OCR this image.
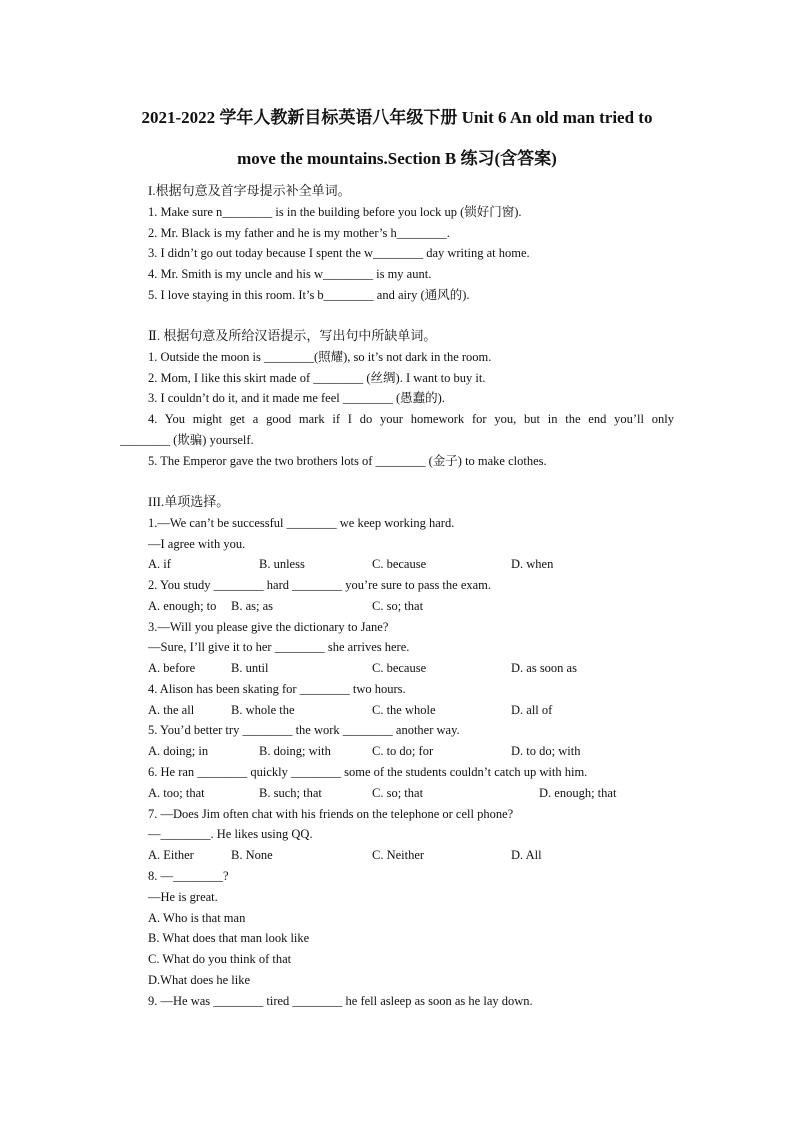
2021-2022 学年人教新目标英语八年级下册 Unit 6 An old man tried to
move the mountains.Section B 练习(含答案)
I.根据句意及首字母提示补全单词。
1. Make sure n________ is in the building before you lock up (锁好门窗).
2. Mr. Black is my father and he is my mother’s h________.
3. I didn’t go out today because I spent the w________ day writing at home.
4. Mr. Smith is my uncle and his w________ is my aunt.
5. I love staying in this room. It’s b________ and airy (通风的).
Ⅱ. 根据句意及所给汉语提示，写出句中所缺单词。
1. Outside the moon is ________(照耀), so it’s not dark in the room.
2. Mom, I like this skirt made of ________ (丝绸). I want to buy it.
3. I couldn’t do it, and it made me feel ________ (愚蠢的).
4. You might get a good mark if I do your homework for you, but in the end you’ll only
________ (欺骗) yourself.
5. The Emperor gave the two brothers lots of ________ (金子) to make clothes.
III.单项选择。
1.—We can’t be successful ________ we keep working hard.
—I agree with you.
A. if	B. unless	C. because	D. when
2. You study ________ hard ________ you’re sure to pass the exam.
A. enough; to B. as; as	C. so; that
3.—Will you please give the dictionary to Jane?
—Sure, I’ll give it to her ________ she arrives here.
A. before	B. until	C. because	D. as soon as
4. Alison has been skating for ________ two hours.
A. the all	B. whole the	C. the whole	D. all of
5. You’d better try ________ the work ________ another way.
A. doing; in	B. doing; with	C. to do; for	D. to do; with
6. He ran ________ quickly ________ some of the students couldn’t catch up with him.
A. too; that	B. such; that	C. so; that	D. enough; that
7. —Does Jim often chat with his friends on the telephone or cell phone?
—________. He likes using QQ.
A. Either	B. None	C. Neither	D. All
8. —________?
—He is great.
A. Who is that man
B. What does that man look like
C. What do you think of that
D.What does he like
9. —He was ________ tired ________ he fell asleep as soon as he lay down.
